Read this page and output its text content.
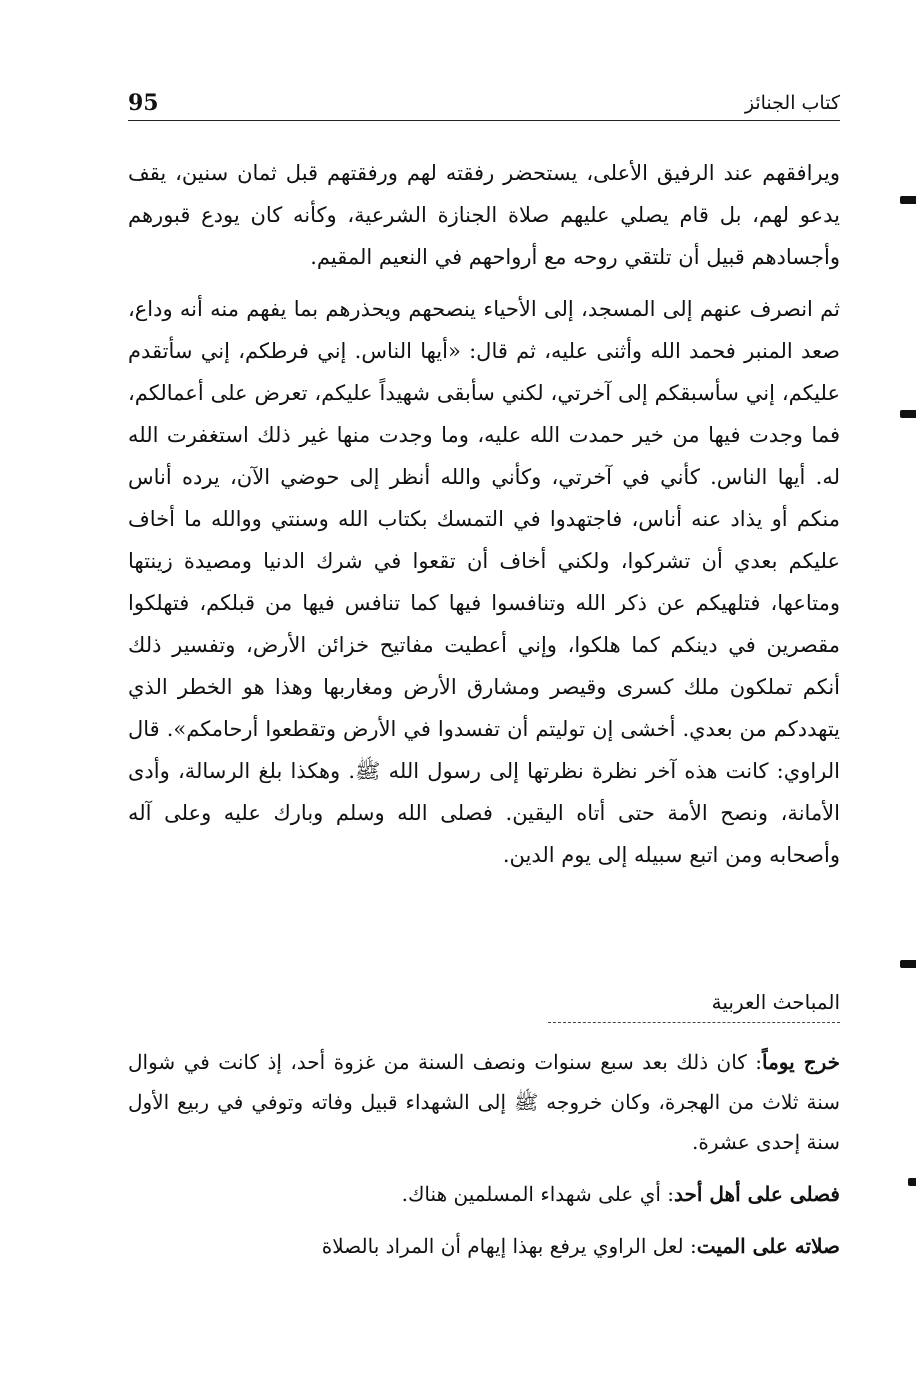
95	كتاب الجنائز

ويرافقهم عند الرفيق الأعلى، يستحضر رفقته لهم ورفقتهم قبل ثمان سنين، يقف يدعو لهم، بل قام يصلي عليهم صلاة الجنازة الشرعية، وكأنه كان يودع قبورهم وأجسادهم قبيل أن تلتقي روحه مع أرواحهم في النعيم المقيم.

ثم انصرف عنهم إلى المسجد، إلى الأحياء ينصحهم ويحذرهم بما يفهم منه أنه وداع، صعد المنبر فحمد الله وأثنى عليه، ثم قال: «أيها الناس. إني فرطكم، إني سأتقدم عليكم، إني سأسبقكم إلى آخرتي، لكني سأبقى شهيداً عليكم، تعرض على أعمالكم، فما وجدت فيها من خير حمدت الله عليه، وما وجدت منها غير ذلك استغفرت الله له. أيها الناس. كأني في آخرتي، وكأني والله أنظر إلى حوضي الآن، يرده أناس منكم أو يذاد عنه أناس، فاجتهدوا في التمسك بكتاب الله وسنتي ووالله ما أخاف عليكم بعدي أن تشركوا، ولكني أخاف أن تقعوا في شرك الدنيا ومصيدة زينتها ومتاعها، فتلهيكم عن ذكر الله وتنافسوا فيها كما تنافس فيها من قبلكم، فتهلكوا مقصرين في دينكم كما هلكوا، وإني أعطيت مفاتيح خزائن الأرض، وتفسير ذلك أنكم تملكون ملك كسرى وقيصر ومشارق الأرض ومغاربها وهذا هو الخطر الذي يتهددكم من بعدي. أخشى إن توليتم أن تفسدوا في الأرض وتقطعوا أرحامكم». قال الراوي: كانت هذه آخر نظرة نظرتها إلى رسول الله ﷺ. وهكذا بلغ الرسالة، وأدى الأمانة، ونصح الأمة حتى أتاه اليقين. فصلى الله وسلم وبارك عليه وعلى آله وأصحابه ومن اتبع سبيله إلى يوم الدين.

المباحث العربية

خرج يوماً: كان ذلك بعد سبع سنوات ونصف السنة من غزوة أحد، إذ كانت في شوال سنة ثلاث من الهجرة، وكان خروجه ﷺ إلى الشهداء قبيل وفاته وتوفي في ربيع الأول سنة إحدى عشرة.

فصلى على أهل أحد: أي على شهداء المسلمين هناك.

صلاته على الميت: لعل الراوي يرفع بهذا إيهام أن المراد بالصلاة
